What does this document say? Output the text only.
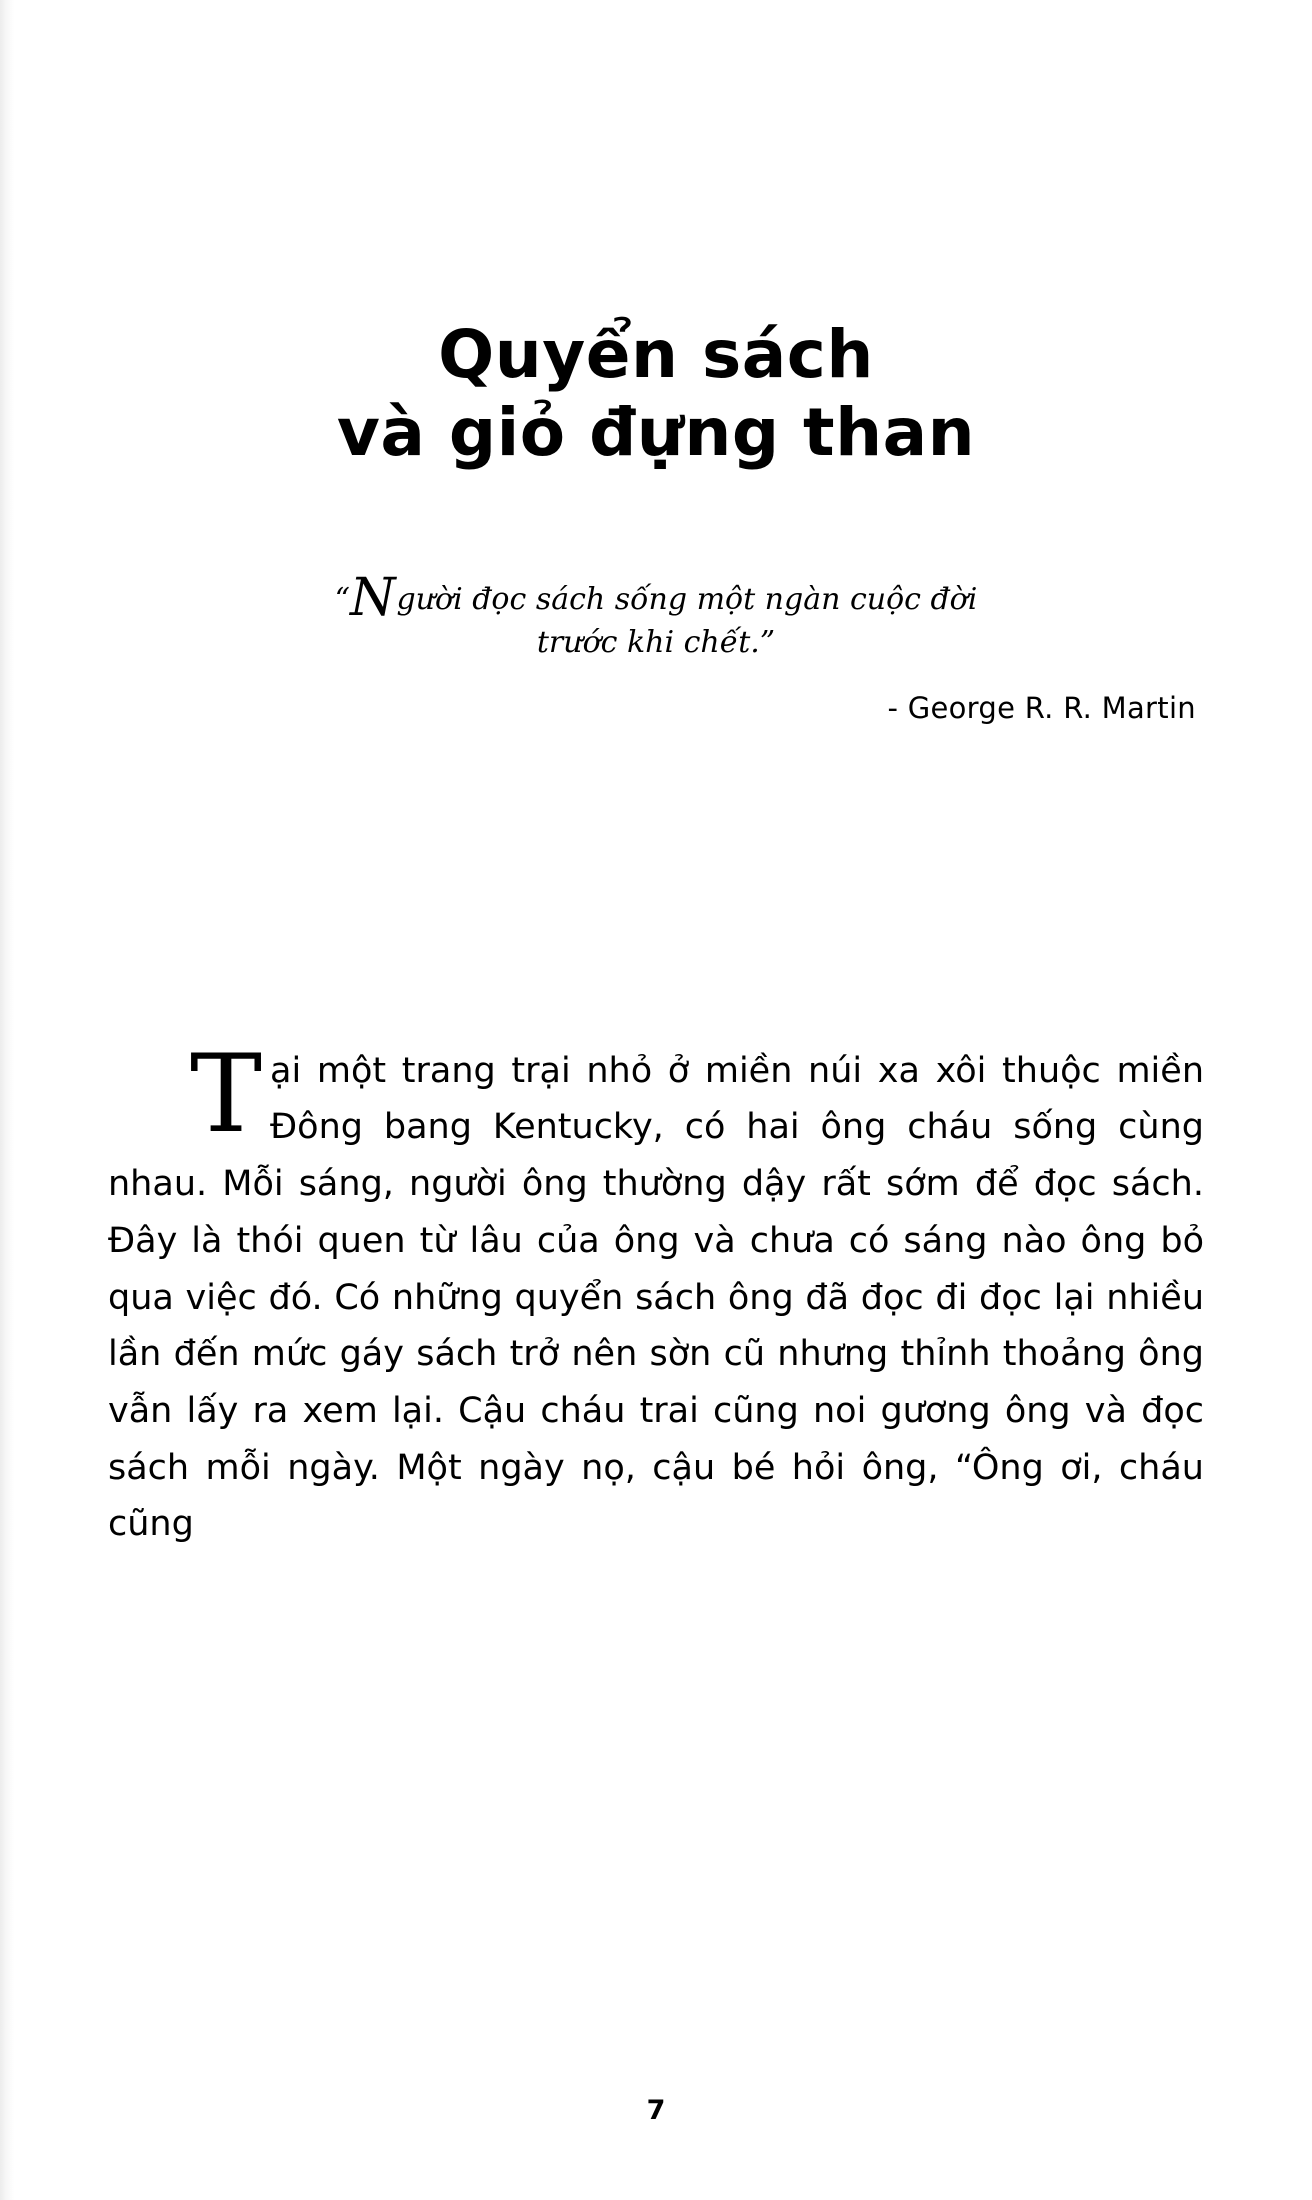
Quyển sách
và giỏ đựng than

“Người đọc sách sống một ngàn cuộc đời trước khi chết.”

- George R. R. Martin

Tại một trang trại nhỏ ở miền núi xa xôi thuộc miền Đông bang Kentucky, có hai ông cháu sống cùng nhau. Mỗi sáng, người ông thường dậy rất sớm để đọc sách. Đây là thói quen từ lâu của ông và chưa có sáng nào ông bỏ qua việc đó. Có những quyển sách ông đã đọc đi đọc lại nhiều lần đến mức gáy sách trở nên sờn cũ nhưng thỉnh thoảng ông vẫn lấy ra xem lại. Cậu cháu trai cũng noi gương ông và đọc sách mỗi ngày. Một ngày nọ, cậu bé hỏi ông, “Ông ơi, cháu cũng

7
